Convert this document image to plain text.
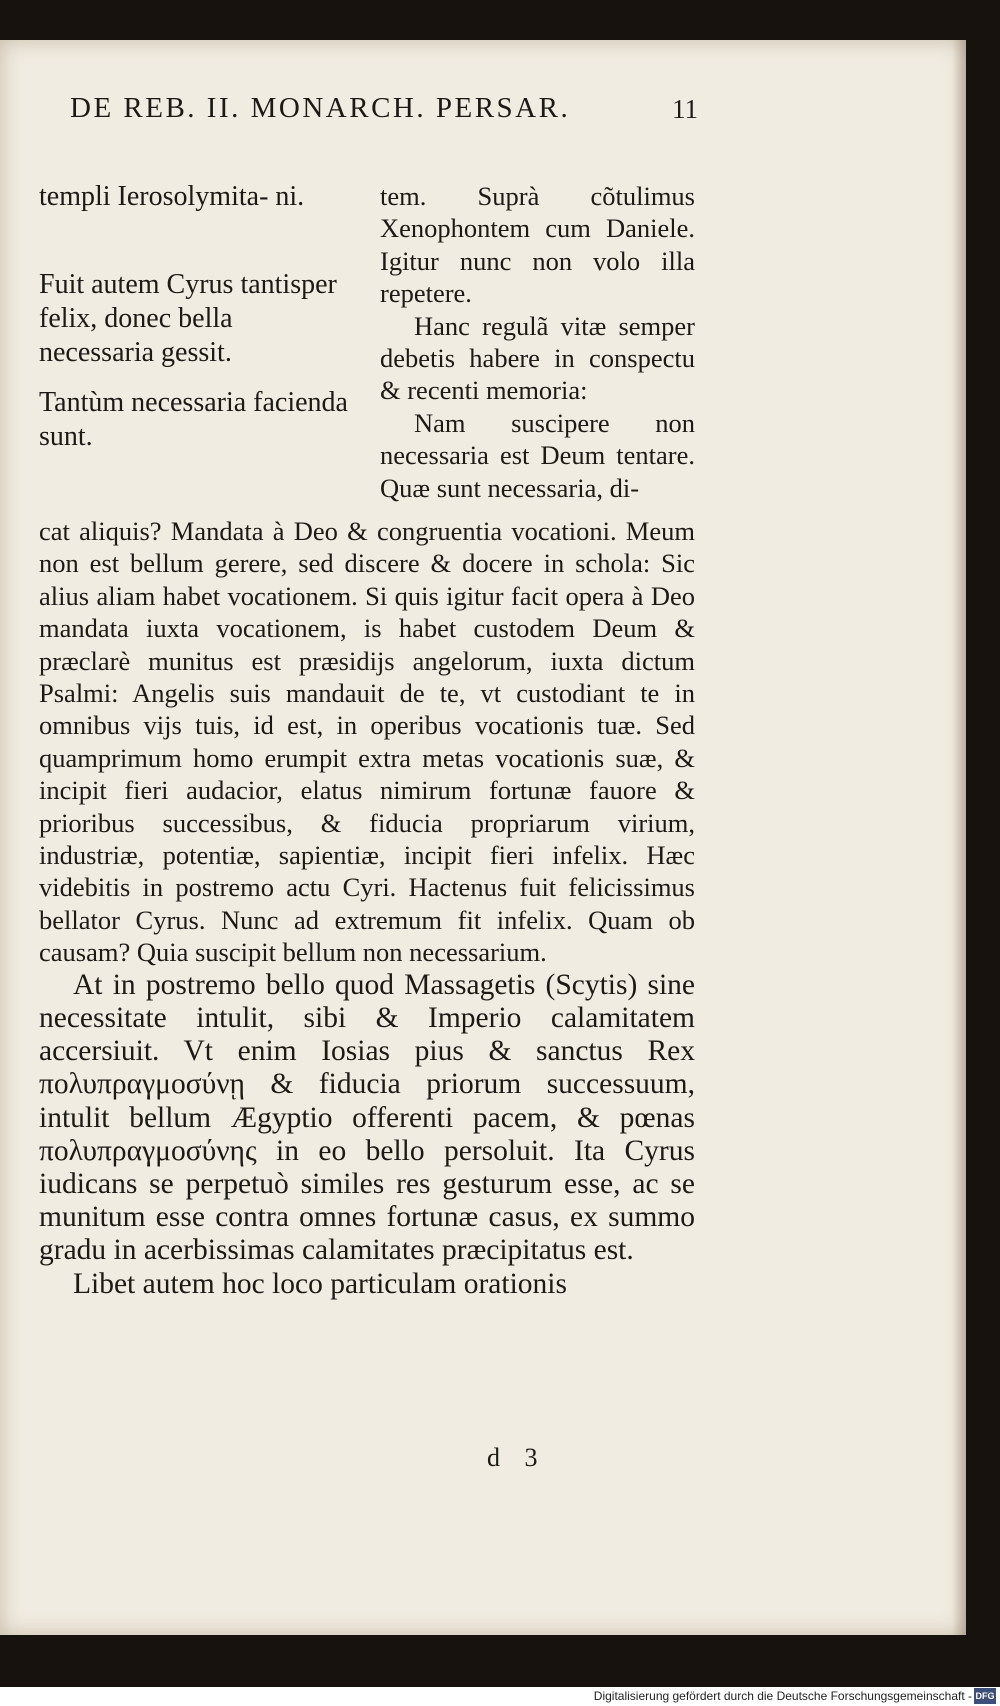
DE REB. II. MONARCH. PERSAR.	11

templi Ierosolymita- ni.

Fuit autem Cyrus tantisper felix, donec bella necessaria gessit.

Tantùm necessaria facienda sunt.

tem. Suprà cõtulimus Xenophontem cum Daniele. Igitur nunc non volo illa repetere.

Hanc regulã vitæ semper debetis habere in conspectu & recenti memoria:

Nam suscipere non necessaria est Deum tentare. Quæ sunt necessaria, di-

cat aliquis? Mandata à Deo & congruentia vocationi. Meum non est bellum gerere, sed discere & docere in schola: Sic alius aliam habet vocationem. Si quis igitur facit opera à Deo mandata iuxta vocationem, is habet custodem Deum & præclarè munitus est præsidijs angelorum, iuxta dictum Psalmi: Angelis suis mandauit de te, vt custodiant te in omnibus vijs tuis, id est, in operibus vocationis tuæ. Sed quamprimum homo erumpit extra metas vocationis suæ, & incipit fieri audacior, elatus nimirum fortunæ fauore & prioribus successibus, & fiducia propriarum virium, industriæ, potentiæ, sapientiæ, incipit fieri infelix. Hæc videbitis in postremo actu Cyri. Hactenus fuit felicissimus bellator Cyrus. Nunc ad extremum fit infelix. Quam ob causam? Quia suscipit bellum non necessarium.

At in postremo bello quod Massagetis (Scytis) sine necessitate intulit, sibi & Imperio calamitatem accersiuit. Vt enim Iosias pius & sanctus Rex πολυπραγμοσύνῃ & fiducia priorum successuum, intulit bellum Ægyptio offerenti pacem, & pœnas πολυπραγμοσύνης in eo bello persoluit. Ita Cyrus iudicans se perpetuò similes res gesturum esse, ac se munitum esse contra omnes fortunæ casus, ex summo gradu in acerbissimas calamitates præcipitatus est.

Libet autem hoc loco particulam orationis

d 3
Digitalisierung gefördert durch die Deutsche Forschungsgemeinschaft - DFG
